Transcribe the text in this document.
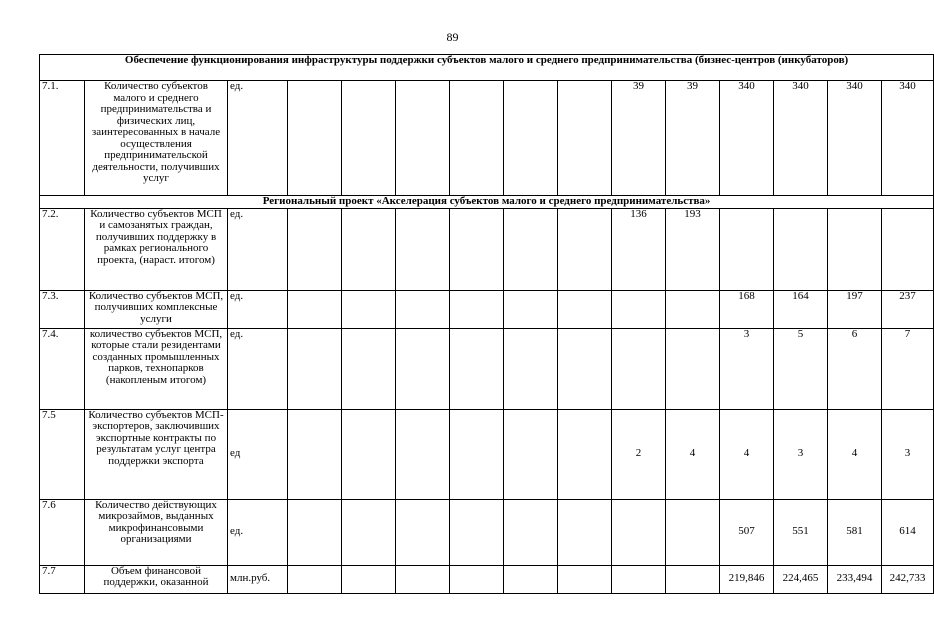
89
Обеспечение функционирования инфраструктуры поддержки субъектов малого и среднего предпринимательства (бизнес-центров (инкубаторов)														
7.1.	Количество субъектов малого и среднего предпринимательства и физических лиц, заинтересованных в начале осуществления предпринимательской деятельности, получивших услуг	ед.							39	39	340	340	340	340
Региональный проект «Акселерация субъектов малого и среднего предпринимательства»														
7.2.	Количество субъектов МСП и самозанятых граждан, получивших поддержку в рамках регионального проекта, (нараст. итогом)	ед.							136	193				
7.3.	Количество субъектов МСП, получивших комплексные услуги	ед.									168	164	197	237
7.4.	количество субъектов МСП, которые стали резидентами созданных промышленных парков, технопарков (накопленым итогом)	ед.									3	5	6	7
7.5	Количество субъектов МСП-экспортеров, заключивших экспортные контракты по результатам услуг центра поддержки экспорта	ед							2	4	4	3	4	3
7.6	Количество действующих микрозаймов, выданных микрофинансовыми организациями	ед.									507	551	581	614
7.7	Объем финансовой поддержки, оказанной	млн.руб.									219,846	224,465	233,494	242,733
